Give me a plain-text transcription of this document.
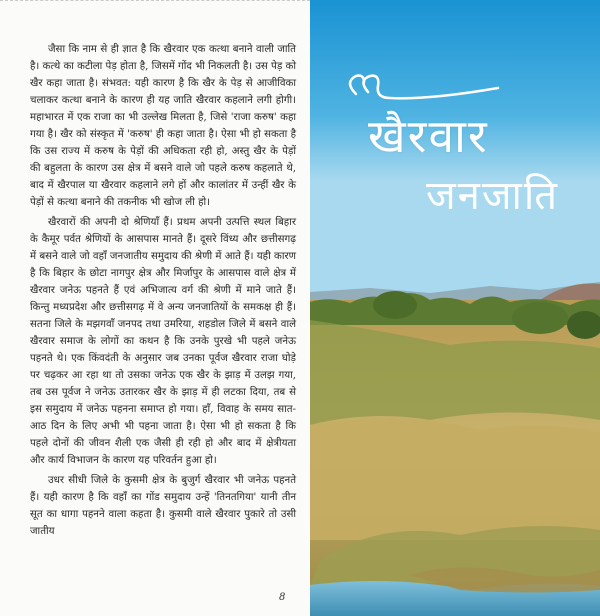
जैसा कि नाम से ही ज्ञात है कि खैरवार एक कत्था बनाने वाली जाति है। कत्थे का कटीला पेड़ होता है, जिसमें गोंद भी निकलती है। उस पेड़ को खैर कहा जाता है। संभवत: यही कारण है कि खैर के पेड़ से आजीविका चलाकर कत्था बनाने के कारण ही यह जाति खैरवार कहलाने लगी होगी। महाभारत में एक राजा का भी उल्लेख मिलता है, जिसे 'राजा करुष' कहा गया है। खैर को संस्कृत में 'करुष' ही कहा जाता है। ऐसा भी हो सकता है कि उस राज्य में करुष के पेड़ों की अधिकता रही हो, अस्तु खैर के पेड़ों की बहुलता के कारण उस क्षेत्र में बसने वाले जो पहले करुष कहलाते थे, बाद में खैरपाल या खैरवार कहलाने लगे हों और कालांतर में उन्हीं खैर के पेड़ों से कत्था बनाने की तकनीक भी खोज ली हो।

खैरवारों की अपनी दो श्रेणियाँ हैं। प्रथम अपनी उत्पत्ति स्थल बिहार के कैमूर पर्वत श्रेणियों के आसपास मानते हैं। दूसरे विंध्य और छत्तीसगढ़ में बसने वाले जो वहाँ जनजातीय समुदाय की श्रेणी में आते हैं। यही कारण है कि बिहार के छोटा नागपुर क्षेत्र और मिर्जापुर के आसपास वाले क्षेत्र में खैरवार जनेऊ पहनते हैं एवं अभिजात्य वर्ग की श्रेणी में माने जाते हैं। किन्तु मध्यप्रदेश और छत्तीसगढ़ में वे अन्य जनजातियों के समकक्ष ही हैं। सतना जिले के मझगवाँ जनपद तथा उमरिया, शहडोल जिले में बसने वाले खैरवार समाज के लोगों का कथन है कि उनके पुरखे भी पहले जनेऊ पहनते थे। एक किंवदंती के अनुसार जब उनका पूर्वज खैरवार राजा घोड़े पर चढ़कर आ रहा था तो उसका जनेऊ एक खैर के झाड़ में उलझ गया, तब उस पूर्वज ने जनेऊ उतारकर खैर के झाड़ में ही लटका दिया, तब से इस समुदाय में जनेऊ पहनना समाप्त हो गया। हाँ, विवाह के समय सात-आठ दिन के लिए अभी भी पहना जाता है। ऐसा भी हो सकता है कि पहले दोनों की जीवन शैली एक जैसी ही रही हो और बाद में क्षेत्रीयता और कार्य विभाजन के कारण यह परिवर्तन हुआ हो।

उधर सीधी जिले के कुसमी क्षेत्र के बुजुर्ग खैरवार भी जनेऊ पहनते हैं। यही कारण है कि वहाँ का गोंड समुदाय उन्हें 'तिनतगिया' यानी तीन सूत का धागा पहनने वाला कहता है। कुसमी वाले खैरवार पुकारे तो उसी जातीय

8
खैरवार
जनजाति
